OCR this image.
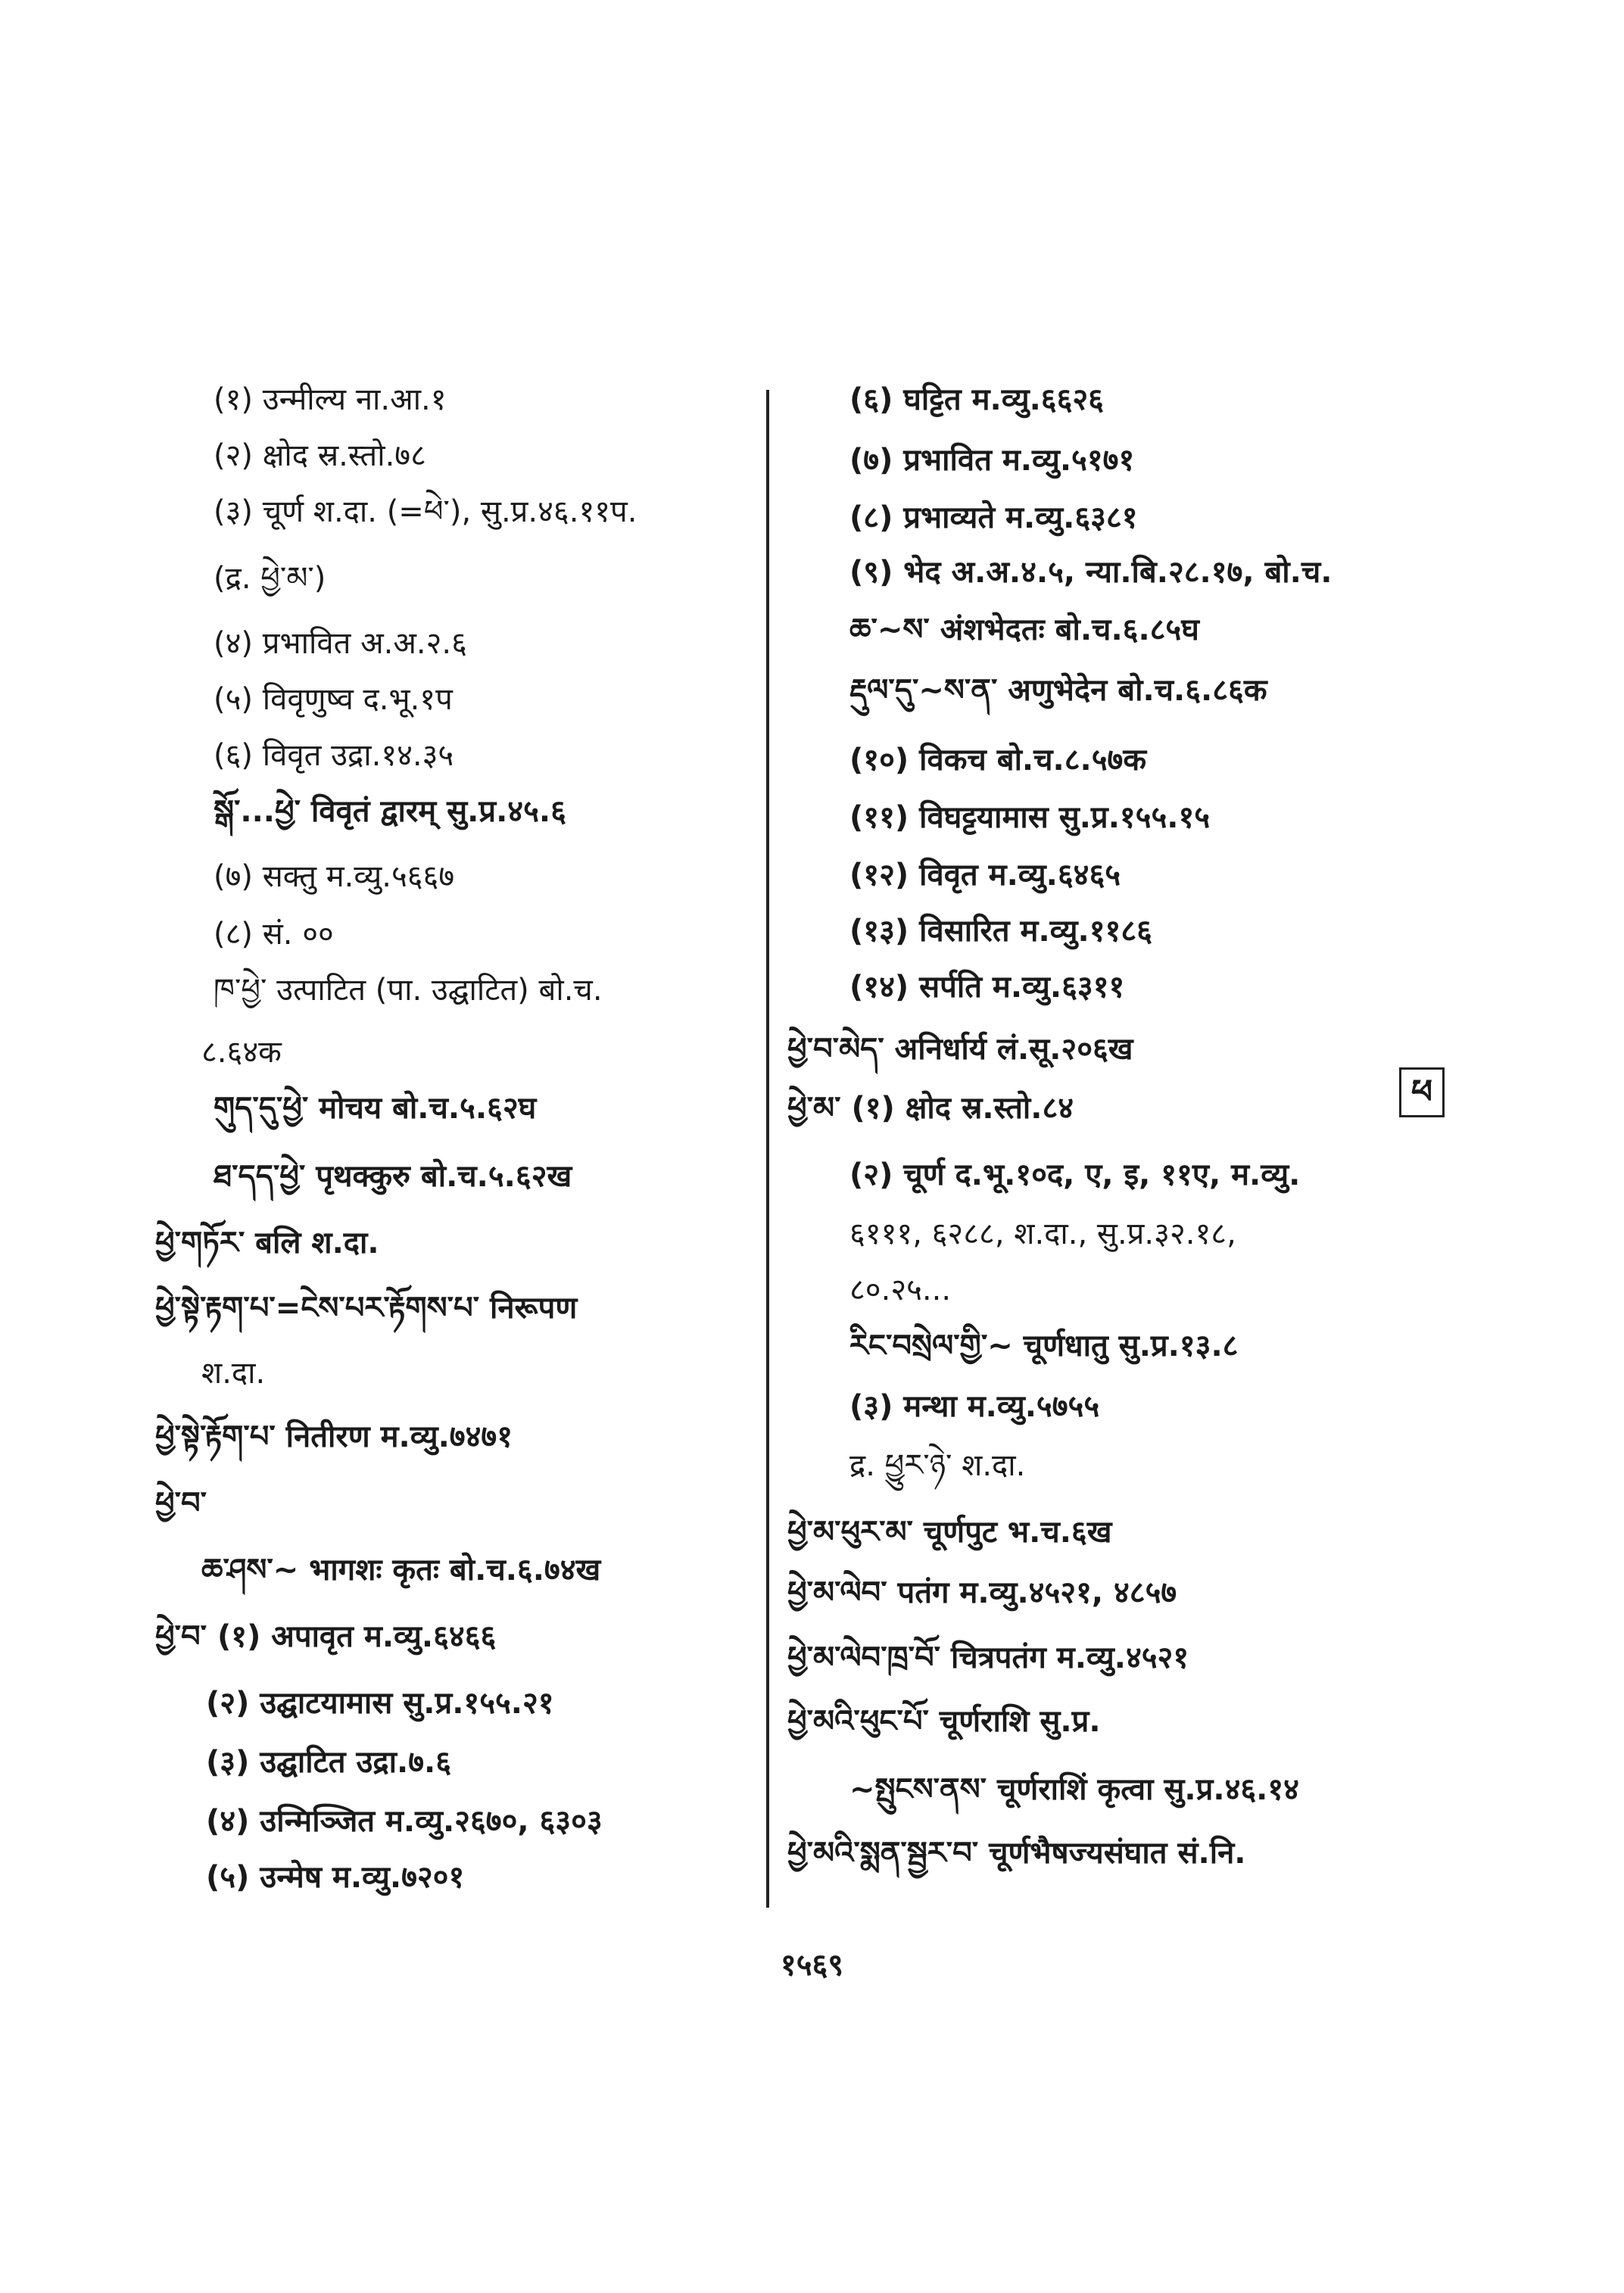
(१) उन्मील्य ना.आ.१
(२) क्षोद स्र.स्तो.७८
(३) चूर्ण श.दा. (=ཕེ་), सु.प्र.४६.११प.
(द्र. ཕྱེ་མ་)
(४) प्रभावित अ.अ.२.६
(५) विवृणुष्व द.भू.१प
(६) विवृत उद्रा.१४.३५
སྒོ་...ཕྱེ་ विवृतं द्वारम् सु.प्र.४५.६
(७) सक्तु म.व्यु.५६६७
(८) सं. ००
ཁ་ཕྱེ་ उत्पाटित (पा. उद्घाटित) बो.च.
८.६४क
གུད་དུ་ཕྱེ་ मोचय बो.च.५.६२घ
ཐ་དད་ཕྱེ་ पृथक्कुरु बो.च.५.६२ख
ཕྱེ་གཏོར་ बलि श.दा.
ཕྱེ་སྟེ་རྟག་པ་=ངེས་པར་རྟོགས་པ་ निरूपण
श.दा.
ཕྱེ་སྟེ་རྟོག་པ་ नितीरण म.व्यु.७४७१
ཕྱེ་བ་
ཆ་ཤས་~ भागशः कृतः बो.च.६.७४ख
ཕྱེ་བ་ (१) अपावृत म.व्यु.६४६६
(२) उद्घाटयामास सु.प्र.१५५.२१
(३) उद्घाटित उद्रा.७.६
(४) उन्मिञ्जित म.व्यु.२६७०, ६३०३
(५) उन्मेष म.व्यु.७२०१
(६) घट्टित म.व्यु.६६२६
(७) प्रभावित म.व्यु.५१७१
(८) प्रभाव्यते म.व्यु.६३८१
(९) भेद अ.अ.४.५, न्या.बि.२८.१७, बो.च.
ཆ་~ས་ अंशभेदतः बो.च.६.८५घ
རྡུལ་དུ་~ས་ན་ अणुभेदेन बो.च.६.८६क
(१०) विकच बो.च.८.५७क
(११) विघट्टयामास सु.प्र.१५५.१५
(१२) विवृत म.व्यु.६४६५
(१३) विसारित म.व्यु.११८६
(१४) सर्पति म.व्यु.६३११
ཕྱེ་བ་མེད་ अनिर्धार्य लं.सू.२०६ख
ཕྱེ་མ་ (१) क्षोद स्र.स्तो.८४
(२) चूर्ण द.भू.१०द, ए, इ, ११ए, म.व्यु.
६१११, ६२८८, श.दा., सु.प्र.३२.१८,
८०.२५...
རིང་བསྲེལ་གྱི་~ चूर्णधातु सु.प्र.१३.८
(३) मन्था म.व्यु.५७५५
द्र. ཕྱུར་ཉེ་ श.दा.
ཕྱེ་མ་ཕུར་མ་ चूर्णपुट भ.च.६ख
ཕྱེ་མ་ལེབ་ पतंग म.व्यु.४५२१, ४८५७
ཕྱེ་མ་ལེབ་ཁྲ་བོ་ चित्रपतंग म.व्यु.४५२१
ཕྱེ་མའི་ཕུང་པོ་ चूर्णराशि सु.प्र.
~སྤུངས་ནས་ चूर्णराशिं कृत्वा सु.प्र.४६.१४
ཕྱེ་མའི་སྨན་སྦྱར་བ་ चूर्णभैषज्यसंघात सं.नि.
ཕ
१५६९
